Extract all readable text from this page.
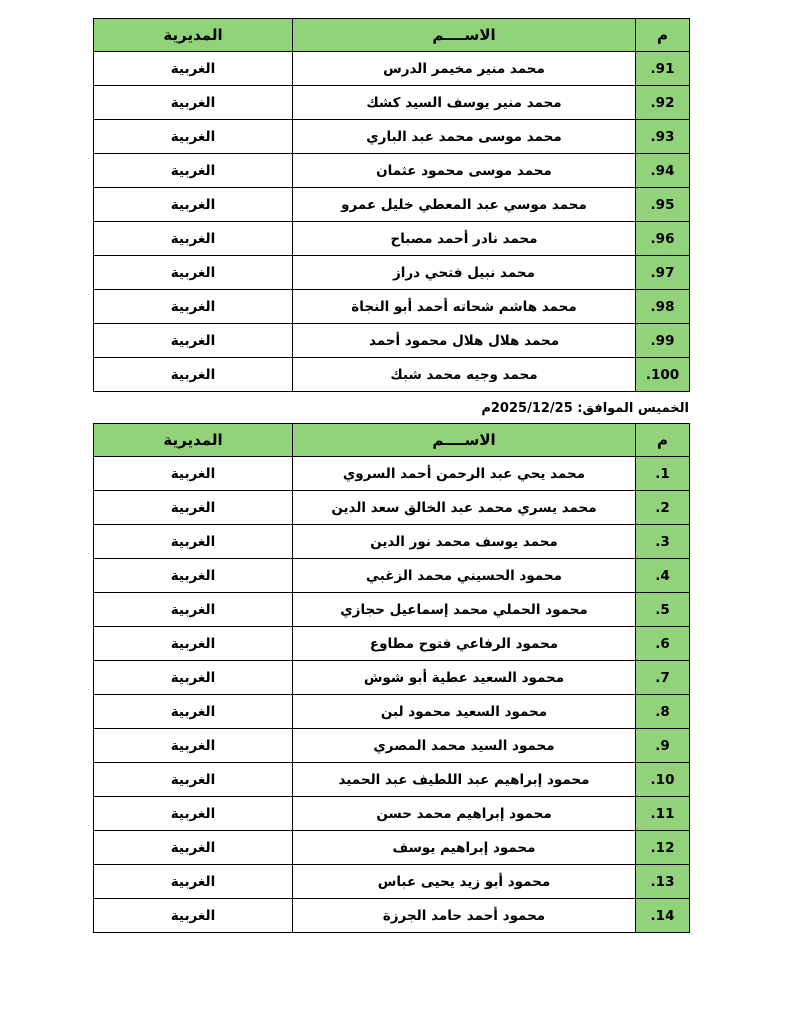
م	الاســــم	المديرية
91.	محمد منير مخيمر الدرس	الغربية
92.	محمد منير يوسف السيد كشك	الغربية
93.	محمد موسى محمد عبد الباري	الغربية
94.	محمد موسى محمود عثمان	الغربية
95.	محمد موسي عبد المعطي خليل عمرو	الغربية
96.	محمد نادر أحمد مصباح	الغربية
97.	محمد نبيل فتحي دراز	الغربية
98.	محمد هاشم شحاته أحمد أبو النجاة	الغربية
99.	محمد هلال هلال محمود أحمد	الغربية
100.	محمد وجيه محمد شبك	الغربية
الخميس الموافق: 2025/12/25م
م	الاســــم	المديرية
1.	محمد يحي عبد الرحمن أحمد السروي	الغربية
2.	محمد يسري محمد عبد الخالق سعد الدين	الغربية
3.	محمد يوسف محمد نور الدين	الغربية
4.	محمود الحسيني محمد الزغبي	الغربية
5.	محمود الحملي محمد إسماعيل حجازي	الغربية
6.	محمود الرفاعي فتوح مطاوع	الغربية
7.	محمود السعيد عطية أبو شوش	الغربية
8.	محمود السعيد محمود لبن	الغربية
9.	محمود السيد محمد المصري	الغربية
10.	محمود إبراهيم عبد اللطيف عبد الحميد	الغربية
11.	محمود إبراهيم محمد حسن	الغربية
12.	محمود إبراهيم يوسف	الغربية
13.	محمود أبو زيد يحيى عباس	الغربية
14.	محمود أحمد حامد الجرزة	الغربية
